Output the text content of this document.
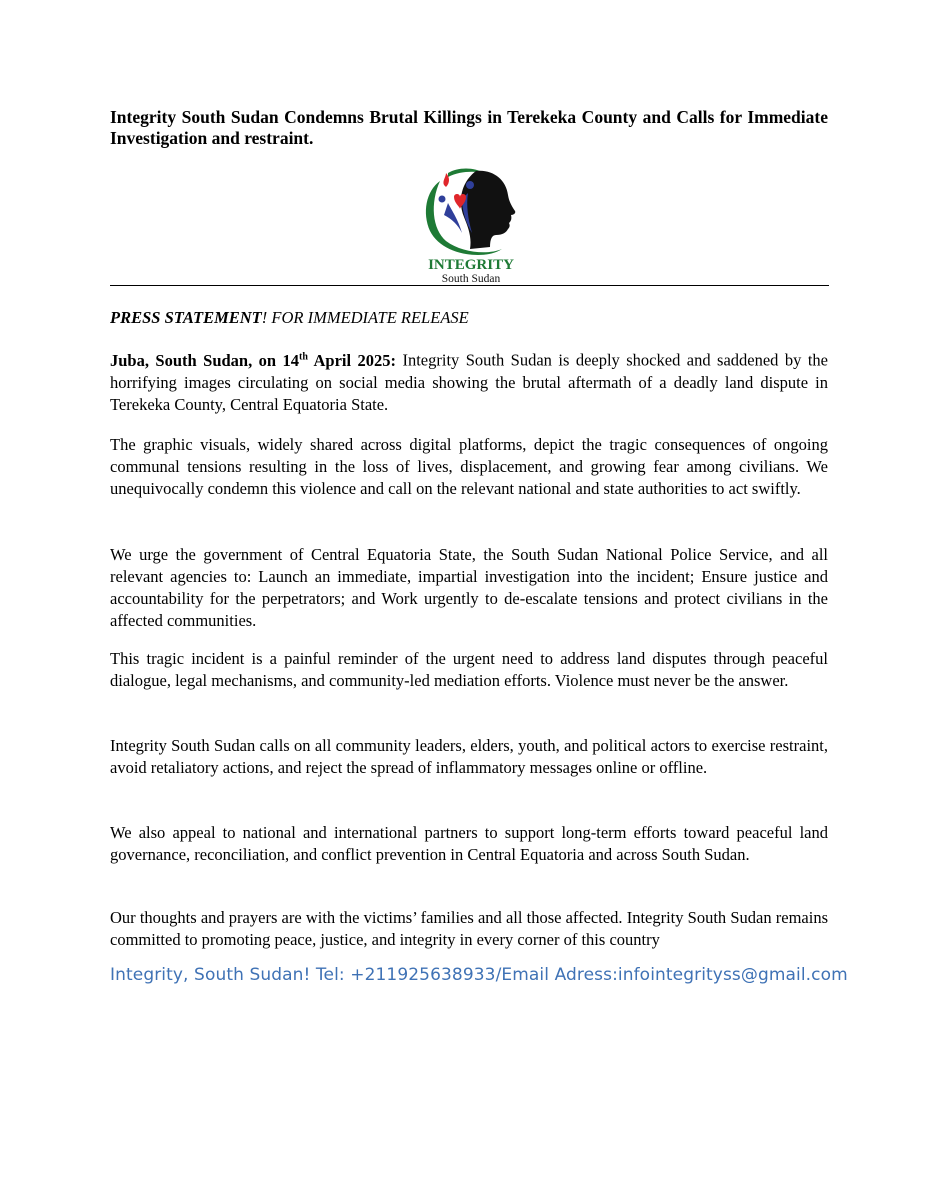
Integrity South Sudan Condemns Brutal Killings in Terekeka County and Calls for Immediate Investigation and restraint.
INTEGRITY
South Sudan
PRESS STATEMENT! FOR IMMEDIATE RELEASE
Juba, South Sudan, on 14th April 2025: Integrity South Sudan is deeply shocked and saddened by the horrifying images circulating on social media showing the brutal aftermath of a deadly land dispute in Terekeka County, Central Equatoria State.
The graphic visuals, widely shared across digital platforms, depict the tragic consequences of ongoing communal tensions resulting in the loss of lives, displacement, and growing fear among civilians. We unequivocally condemn this violence and call on the relevant national and state authorities to act swiftly.
We urge the government of Central Equatoria State, the South Sudan National Police Service, and all relevant agencies to: Launch an immediate, impartial investigation into the incident; Ensure justice and accountability for the perpetrators; and Work urgently to de-escalate tensions and protect civilians in the affected communities.
This tragic incident is a painful reminder of the urgent need to address land disputes through peaceful dialogue, legal mechanisms, and community-led mediation efforts. Violence must never be the answer.
Integrity South Sudan calls on all community leaders, elders, youth, and political actors to exercise restraint, avoid retaliatory actions, and reject the spread of inflammatory messages online or offline.
We also appeal to national and international partners to support long-term efforts toward peaceful land governance, reconciliation, and conflict prevention in Central Equatoria and across South Sudan.
Our thoughts and prayers are with the victims’ families and all those affected. Integrity South Sudan remains committed to promoting peace, justice, and integrity in every corner of this country
Integrity, South Sudan! Tel: +211925638933/Email Adress:infointegrityss@gmail.com
